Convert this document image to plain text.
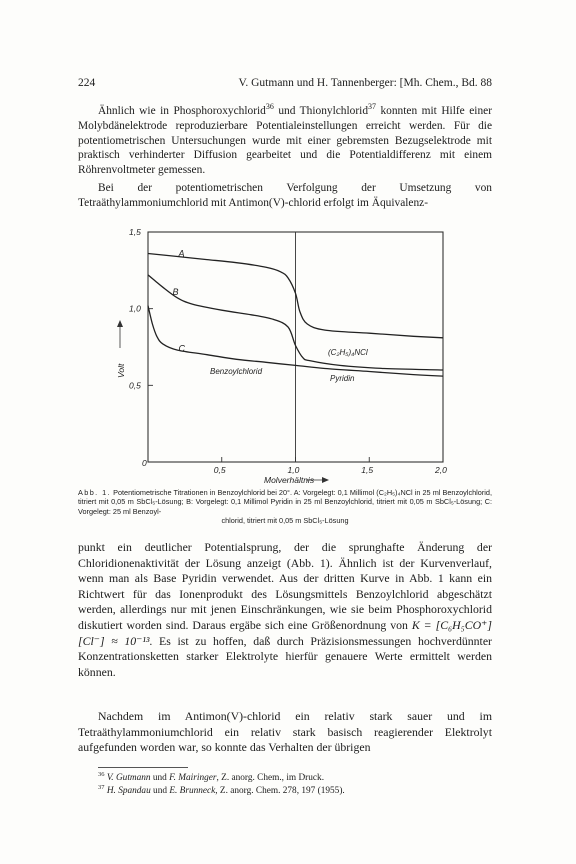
224	V. Gutmann und H. Tannenberger: [Mh. Chem., Bd. 88

Ähnlich wie in Phosphoroxychlorid$^{36}$ und Thionylchlorid$^{37}$ konnten mit Hilfe einer Molybdänelektrode reproduzierbare Potentialeinstellungen erreicht werden. Für die potentiometrischen Untersuchungen wurde mit einer gebremsten Bezugselektrode mit praktisch verhinderter Diffusion gearbeitet und die Potentialdifferenz mit einem Röhrenvoltmeter gemessen.

Bei der potentiometrischen Verfolgung der Umsetzung von Tetraäthylammoniumchlorid mit Antimon(V)-chlorid erfolgt im Äquivalenz-

0,5	1,0	1,5	2,0
0,5
1,0
1,5
0
Volt
Molverhältnis
A
B
C	(C₂H₅)₄NCl
Benzoylchlorid
Pyridin

Abb. 1. Potentiometrische Titrationen in Benzoylchlorid bei 20°. A: Vorgelegt: 0,1 Millimol (C₂H₅)₄NCl in 25 ml Benzoylchlorid, titriert mit 0,05 m SbCl₅-Lösung; B: Vorgelegt: 0,1 Millimol Pyridin in 25 ml Benzoylchlorid, titriert mit 0,05 m SbCl₅-Lösung; C: Vorgelegt: 25 ml Benzoyl-
chlorid, titriert mit 0,05 m SbCl₅-Lösung

punkt ein deutlicher Potentialsprung, der die sprunghafte Änderung der Chloridionenaktivität der Lösung anzeigt (Abb. 1). Ähnlich ist der Kurvenverlauf, wenn man als Base Pyridin verwendet. Aus der dritten Kurve in Abb. 1 kann ein Richtwert für das Ionenprodukt des Lösungsmittels Benzoylchlorid abgeschätzt werden, allerdings nur mit jenen Einschränkungen, wie sie beim Phosphoroxychlorid diskutiert worden sind. Daraus ergäbe sich eine Größenordnung von K = [C₆H₅CO⁺] [Cl⁻] ≈ 10⁻¹³. Es ist zu hoffen, daß durch Präzisionsmessungen hochverdünnter Konzentrationsketten starker Elektrolyte hierfür genauere Werte ermittelt werden können.

Nachdem im Antimon(V)-chlorid ein relativ stark sauer und im Tetraäthylammoniumchlorid ein relativ stark basisch reagierender Elektrolyt aufgefunden worden war, so konnte das Verhalten der übrigen

$^{36}$ V. Gutmann und F. Mairinger, Z. anorg. Chem., im Druck.

$^{37}$ H. Spandau und E. Brunneck, Z. anorg. Chem. 278, 197 (1955).
